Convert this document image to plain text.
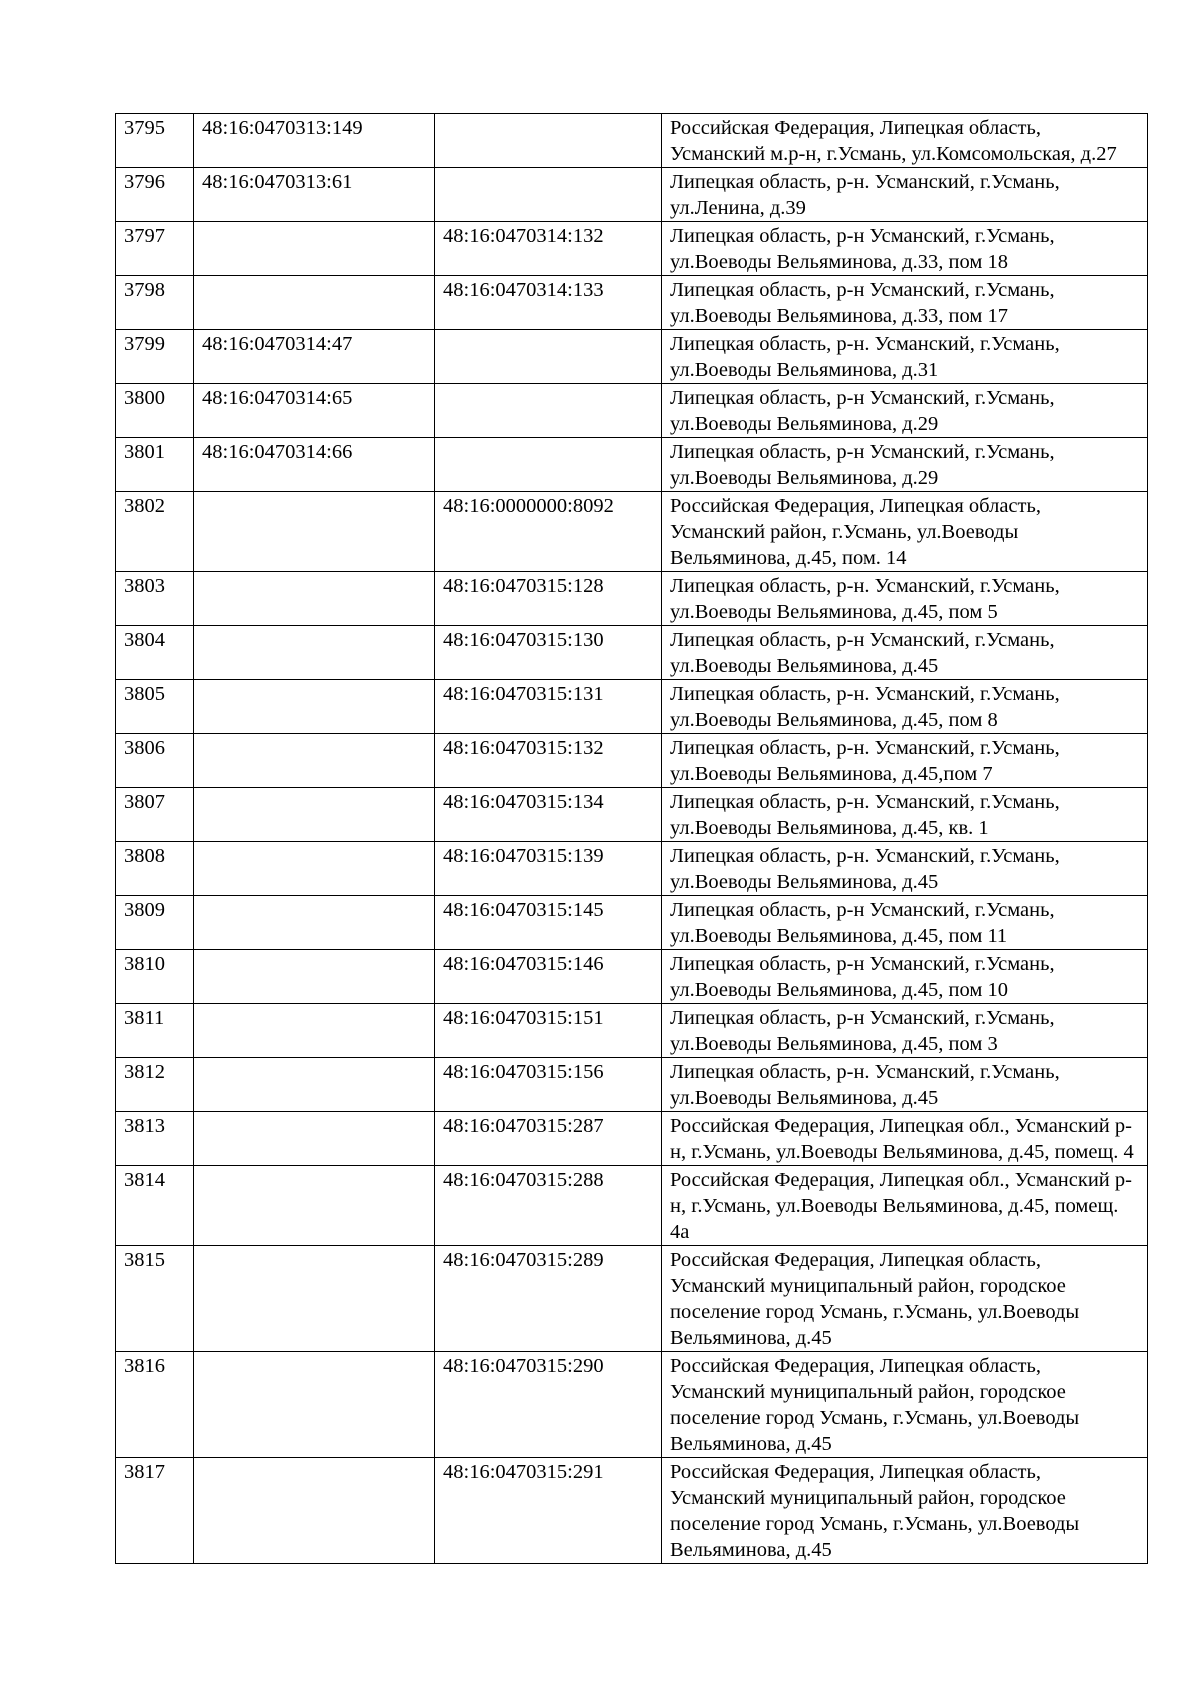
3795	48:16:0470313:149		Российская Федерация, Липецкая область, Усманский м.р-н, г.Усмань, ул.Комсомольская, д.27
3796	48:16:0470313:61		Липецкая область, р-н. Усманский, г.Усмань, ул.Ленина, д.39
3797		48:16:0470314:132	Липецкая область, р-н Усманский, г.Усмань, ул.Воеводы Вельяминова, д.33, пом 18
3798		48:16:0470314:133	Липецкая область, р-н Усманский, г.Усмань, ул.Воеводы Вельяминова, д.33, пом 17
3799	48:16:0470314:47		Липецкая область, р-н. Усманский, г.Усмань, ул.Воеводы Вельяминова, д.31
3800	48:16:0470314:65		Липецкая область, р-н Усманский, г.Усмань, ул.Воеводы Вельяминова, д.29
3801	48:16:0470314:66		Липецкая область, р-н Усманский, г.Усмань, ул.Воеводы Вельяминова, д.29
3802		48:16:0000000:8092	Российская Федерация, Липецкая область, Усманский район, г.Усмань, ул.Воеводы Вельяминова, д.45, пом. 14
3803		48:16:0470315:128	Липецкая область, р-н. Усманский, г.Усмань, ул.Воеводы Вельяминова, д.45, пом 5
3804		48:16:0470315:130	Липецкая область, р-н Усманский, г.Усмань, ул.Воеводы Вельяминова, д.45
3805		48:16:0470315:131	Липецкая область, р-н. Усманский, г.Усмань, ул.Воеводы Вельяминова, д.45, пом 8
3806		48:16:0470315:132	Липецкая область, р-н. Усманский, г.Усмань, ул.Воеводы Вельяминова, д.45,пом 7
3807		48:16:0470315:134	Липецкая область, р-н. Усманский, г.Усмань, ул.Воеводы Вельяминова, д.45, кв. 1
3808		48:16:0470315:139	Липецкая область, р-н. Усманский, г.Усмань, ул.Воеводы Вельяминова, д.45
3809		48:16:0470315:145	Липецкая область, р-н Усманский, г.Усмань, ул.Воеводы Вельяминова, д.45, пом 11
3810		48:16:0470315:146	Липецкая область, р-н Усманский, г.Усмань, ул.Воеводы Вельяминова, д.45, пом 10
3811		48:16:0470315:151	Липецкая область, р-н Усманский, г.Усмань, ул.Воеводы Вельяминова, д.45, пом 3
3812		48:16:0470315:156	Липецкая область, р-н. Усманский, г.Усмань, ул.Воеводы Вельяминова, д.45
3813		48:16:0470315:287	Российская Федерация, Липецкая обл., Усманский р-н, г.Усмань, ул.Воеводы Вельяминова, д.45, помещ. 4
3814		48:16:0470315:288	Российская Федерация, Липецкая обл., Усманский р-н, г.Усмань, ул.Воеводы Вельяминова, д.45, помещ. 4а
3815		48:16:0470315:289	Российская Федерация, Липецкая область, Усманский муниципальный район, городское поселение город Усмань, г.Усмань, ул.Воеводы Вельяминова, д.45
3816		48:16:0470315:290	Российская Федерация, Липецкая область, Усманский муниципальный район, городское поселение город Усмань, г.Усмань, ул.Воеводы Вельяминова, д.45
3817		48:16:0470315:291	Российская Федерация, Липецкая область, Усманский муниципальный район, городское поселение город Усмань, г.Усмань, ул.Воеводы Вельяминова, д.45
